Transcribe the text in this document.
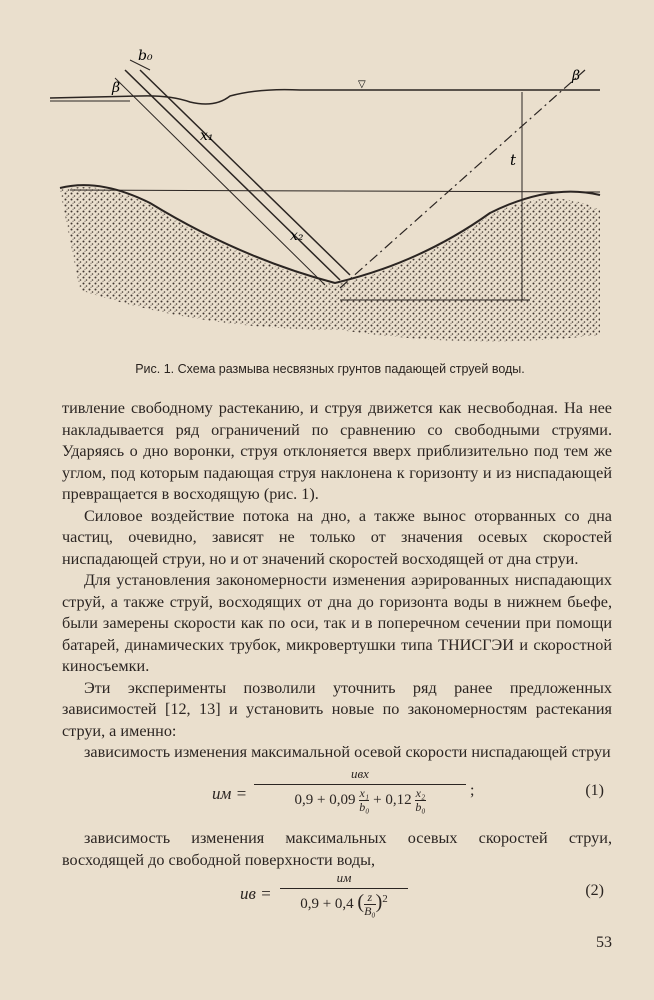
b₀
β
β
x₁
x₂
t
▽
Рис. 1. Схема размыва несвязных грунтов падающей струей воды.

тивление свободному растеканию, и струя движется как несвободная. На нее накладывается ряд ограничений по сравнению со свободными струями. Ударяясь о дно воронки, струя отклоняется вверх приблизительно под тем же углом, под которым падающая струя наклонена к горизонту и из ниспадающей превращается в восходящую (рис. 1).

Силовое воздействие потока на дно, а также вынос оторванных со дна частиц, очевидно, зависят не только от значения осевых скоростей ниспадающей струи, но и от значений скоростей восходящей от дна струи.

Для установления закономерности изменения аэрированных ниспадающих струй, а также струй, восходящих от дна до горизонта воды в нижнем бьефе, были замерены скорости как по оси, так и в поперечном сечении при помощи батарей, динамических трубок, микровертушки типа ТНИСГЭИ и скоростной киносъемки.

Эти эксперименты позволили уточнить ряд ранее предложенных зависимостей [12, 13] и установить новые по закономерностям растекания струи, а именно:

зависимость изменения максимальной осевой скорости ниспадающей струи

uм =
uвх
$0,9 + 0,09 \frac{\text{x₁}}{\text{b₀}} + 0,12 \frac{\text{x₂}}{\text{b₀}}$	;	(1)

зависимость изменения максимальных осевых скоростей струи, восходящей до свободной поверхности воды,

uв =
uм
0,9 + 0,4 $(\frac{z}{\text{B₀}} )^2$	(2)
53
